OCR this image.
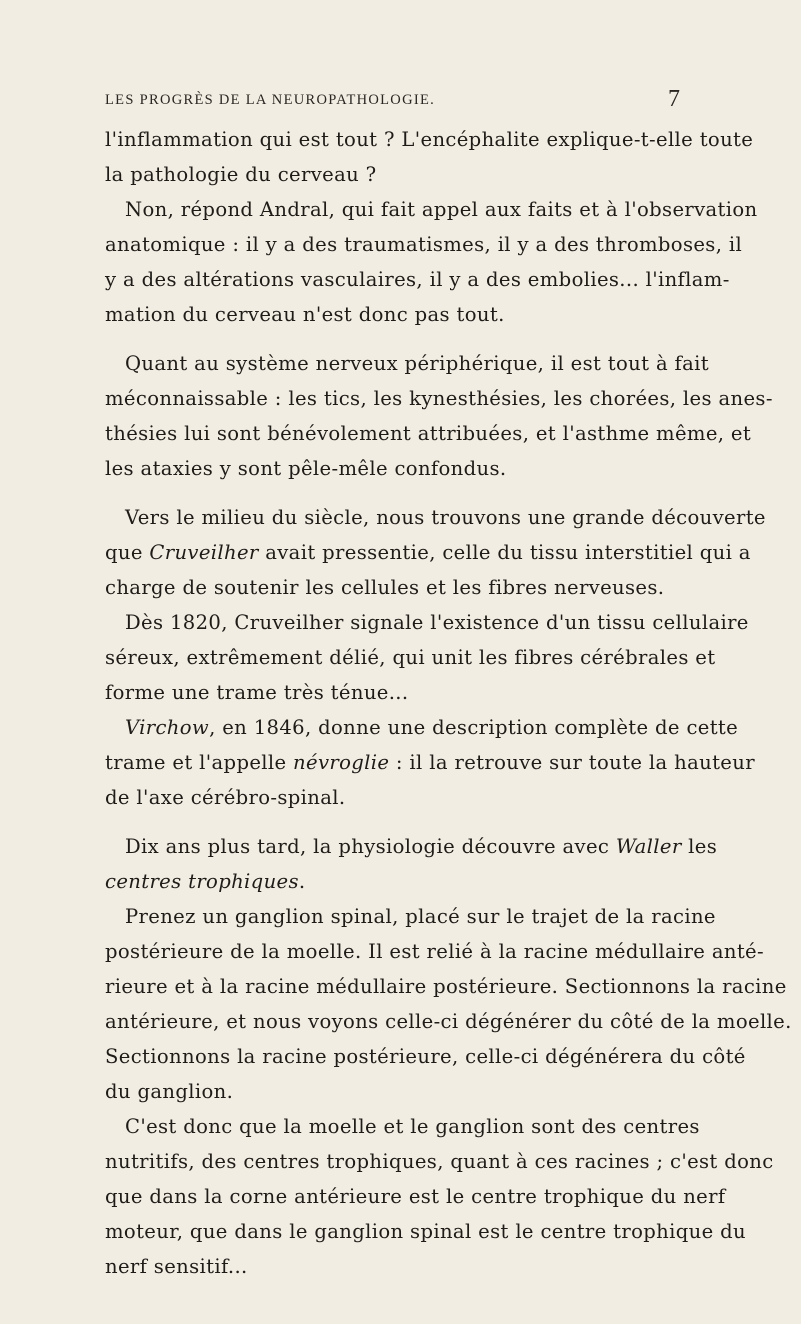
LES PROGRÈS DE LA NEUROPATHOLOGIE.	7
l'inflammation qui est tout ? L'encéphalite explique-t-elle toute
la pathologie du cerveau ?
Non, répond Andral, qui fait appel aux faits et à l'observation
anatomique : il y a des traumatismes, il y a des thromboses, il
y a des altérations vasculaires, il y a des embolies... l'inflam-
mation du cerveau n'est donc pas tout.
Quant au système nerveux périphérique, il est tout à fait
méconnaissable : les tics, les kynesthésies, les chorées, les anes-
thésies lui sont bénévolement attribuées, et l'asthme même, et
les ataxies y sont pêle-mêle confondus.
Vers le milieu du siècle, nous trouvons une grande découverte
que Cruveilher avait pressentie, celle du tissu interstitiel qui a
charge de soutenir les cellules et les fibres nerveuses.
Dès 1820, Cruveilher signale l'existence d'un tissu cellulaire
séreux, extrêmement délié, qui unit les fibres cérébrales et
forme une trame très ténue...
Virchow, en 1846, donne une description complète de cette
trame et l'appelle névroglie : il la retrouve sur toute la hauteur
de l'axe cérébro-spinal.
Dix ans plus tard, la physiologie découvre avec Waller les
centres trophiques.
Prenez un ganglion spinal, placé sur le trajet de la racine
postérieure de la moelle. Il est relié à la racine médullaire anté-
rieure et à la racine médullaire postérieure. Sectionnons la racine
antérieure, et nous voyons celle-ci dégénérer du côté de la moelle.
Sectionnons la racine postérieure, celle-ci dégénérera du côté
du ganglion.
C'est donc que la moelle et le ganglion sont des centres
nutritifs, des centres trophiques, quant à ces racines ; c'est donc
que dans la corne antérieure est le centre trophique du nerf
moteur, que dans le ganglion spinal est le centre trophique du
nerf sensitif...
